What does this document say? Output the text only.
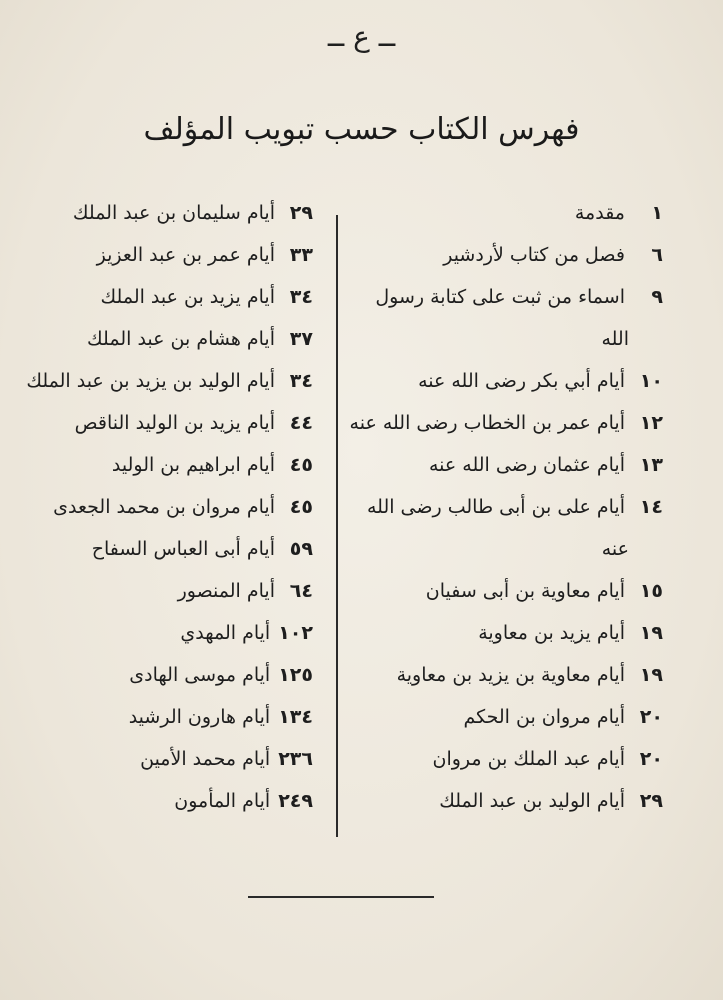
ــ ع ــ
فهرس الكتاب حسب تبويب المؤلف
١مقدمة
٦فصل من كتاب لأردشير
٩اسماء من ثبت على كتابة رسول
الله
١٠أيام أبي بكر رضى الله عنه
١٢أيام عمر بن الخطاب رضى الله عنه
١٣أيام عثمان رضى الله عنه
١٤أيام على بن أبى طالب رضى الله
عنه
١٥أيام معاوية بن أبى سفيان
١٩أيام يزيد بن معاوية
١٩أيام معاوية بن يزيد بن معاوية
٢٠أيام مروان بن الحكم
٢٠أيام عبد الملك بن مروان
٢٩أيام الوليد بن عبد الملك
٢٩أيام سليمان بن عبد الملك
٣٣أيام عمر بن عبد العزيز
٣٤أيام يزيد بن عبد الملك
٣٧أيام هشام بن عبد الملك
٣٤أيام الوليد بن يزيد بن عبد الملك
٤٤أيام يزيد بن الوليد الناقص
٤٥أيام ابراهيم بن الوليد
٤٥أيام مروان بن محمد الجعدى
٥٩أيام أبى العباس السفاح
٦٤أيام المنصور
١٠٢أيام المهدي
١٢٥أيام موسى الهادى
١٣٤أيام هارون الرشيد
٢٣٦أيام محمد الأمين
٢٤٩أيام المأمون
